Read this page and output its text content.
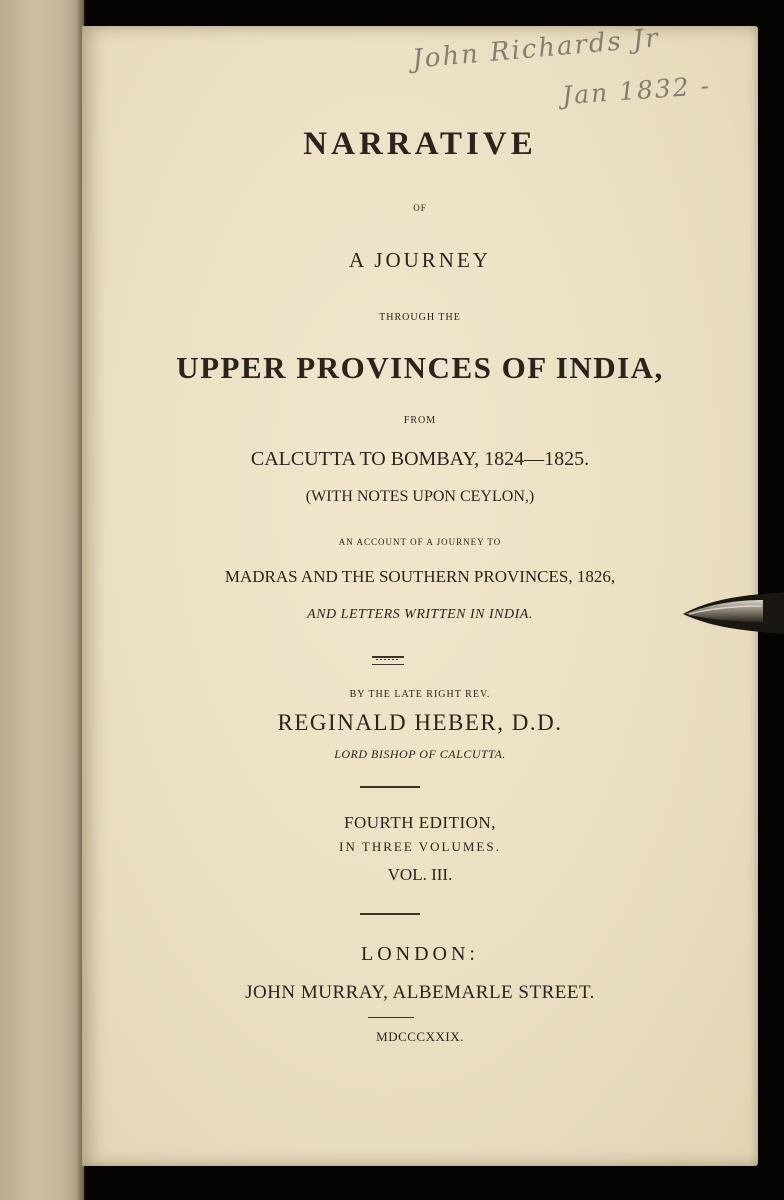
John Richards Jr
Jan 1832 -
NARRATIVE
OF
A JOURNEY
THROUGH THE
UPPER PROVINCES OF INDIA,
FROM
CALCUTTA TO BOMBAY, 1824—1825.
(WITH NOTES UPON CEYLON,)
AN ACCOUNT OF A JOURNEY TO
MADRAS AND THE SOUTHERN PROVINCES, 1826,
AND LETTERS WRITTEN IN INDIA.
BY THE LATE RIGHT REV.
REGINALD HEBER, D.D.
LORD BISHOP OF CALCUTTA.
FOURTH EDITION,
IN THREE VOLUMES.
VOL. III.
LONDON:
JOHN MURRAY, ALBEMARLE STREET.
MDCCCXXIX.
